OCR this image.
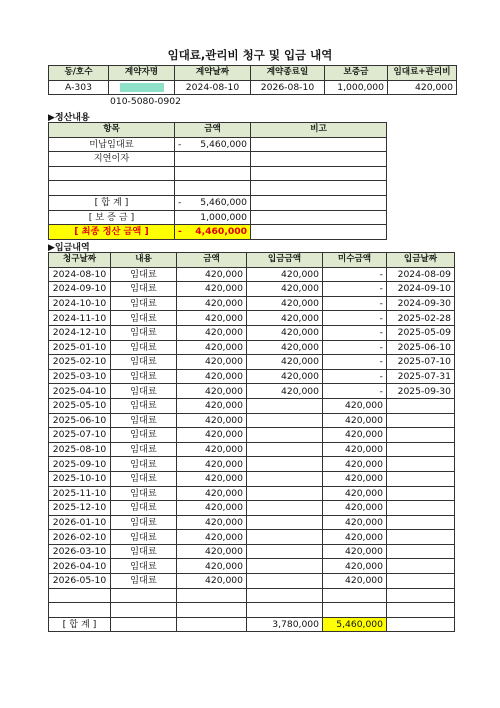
임대료,관리비 청구 및 입금 내역
동/호수	계약자명	계약날짜	계약종료일	보증금	임대료+관리비
A-303		2024-08-10	2026-08-10	1,000,000	420,000
010-5080-0902
▶정산내용
항목	금액	비고
미납임대료	- 5,460,000	

지연이자	

[ 합 계 ]	- 5,460,000	

[ 보 증 금 ]	1,000,000	

[ 최종 정산 금액 ]	- 4,460,000	

▶입금내역
청구날짜	내용	금액	입금금액	미수금액	입금날짜
2024-08-10	임대료	420,000	420,000	-	2024-08-09
2024-09-10	임대료	420,000	420,000	-	2024-09-10
2024-10-10	임대료	420,000	420,000	-	2024-09-30
2024-11-10	임대료	420,000	420,000	-	2025-02-28
2024-12-10	임대료	420,000	420,000	-	2025-05-09
2025-01-10	임대료	420,000	420,000	-	2025-06-10
2025-02-10	임대료	420,000	420,000	-	2025-07-10
2025-03-10	임대료	420,000	420,000	-	2025-07-31
2025-04-10	임대료	420,000	420,000	-	2025-09-30
2025-05-10	임대료	420,000		420,000	
2025-06-10	임대료	420,000		420,000	
2025-07-10	임대료	420,000		420,000	
2025-08-10	임대료	420,000		420,000	
2025-09-10	임대료	420,000		420,000	
2025-10-10	임대료	420,000		420,000	
2025-11-10	임대료	420,000		420,000	
2025-12-10	임대료	420,000		420,000	
2026-01-10	임대료	420,000		420,000	
2026-02-10	임대료	420,000		420,000	
2026-03-10	임대료	420,000		420,000	
2026-04-10	임대료	420,000		420,000	
2026-05-10	임대료	420,000		420,000	

[ 합 계 ]			3,780,000	5,460,000	
